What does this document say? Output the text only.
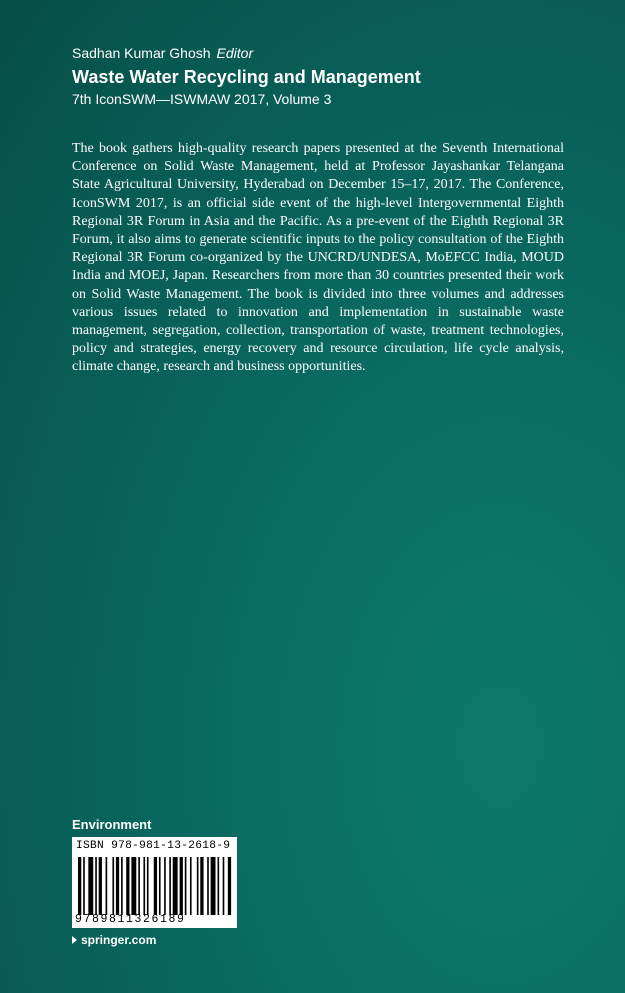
Sadhan Kumar Ghosh Editor
Waste Water Recycling and Management
7th IconSWM—ISWMAW 2017, Volume 3

The book gathers high-quality research papers presented at the Seventh International Conference on Solid Waste Management, held at Professor Jayashankar Telangana State Agricultural University, Hyderabad on December 15–17, 2017. The Conference, IconSWM 2017, is an official side event of the high-level Intergovernmental Eighth Regional 3R Forum in Asia and the Pacific. As a pre-event of the Eighth Regional 3R Forum, it also aims to generate scientific inputs to the policy consultation of the Eighth Regional 3R Forum co-organized by the UNCRD/UNDESA, MoEFCC India, MOUD India and MOEJ, Japan. Researchers from more than 30 countries presented their work on Solid Waste Management. The book is divided into three volumes and addresses various issues related to innovation and implementation in sustainable waste management, segregation, collection, transportation of waste, treatment technologies, policy and strategies, energy recovery and resource circulation, life cycle analysis, climate change, research and business opportunities.

Environment
ISBN 978-981-13-2618-9
9789811326189
springer.com
